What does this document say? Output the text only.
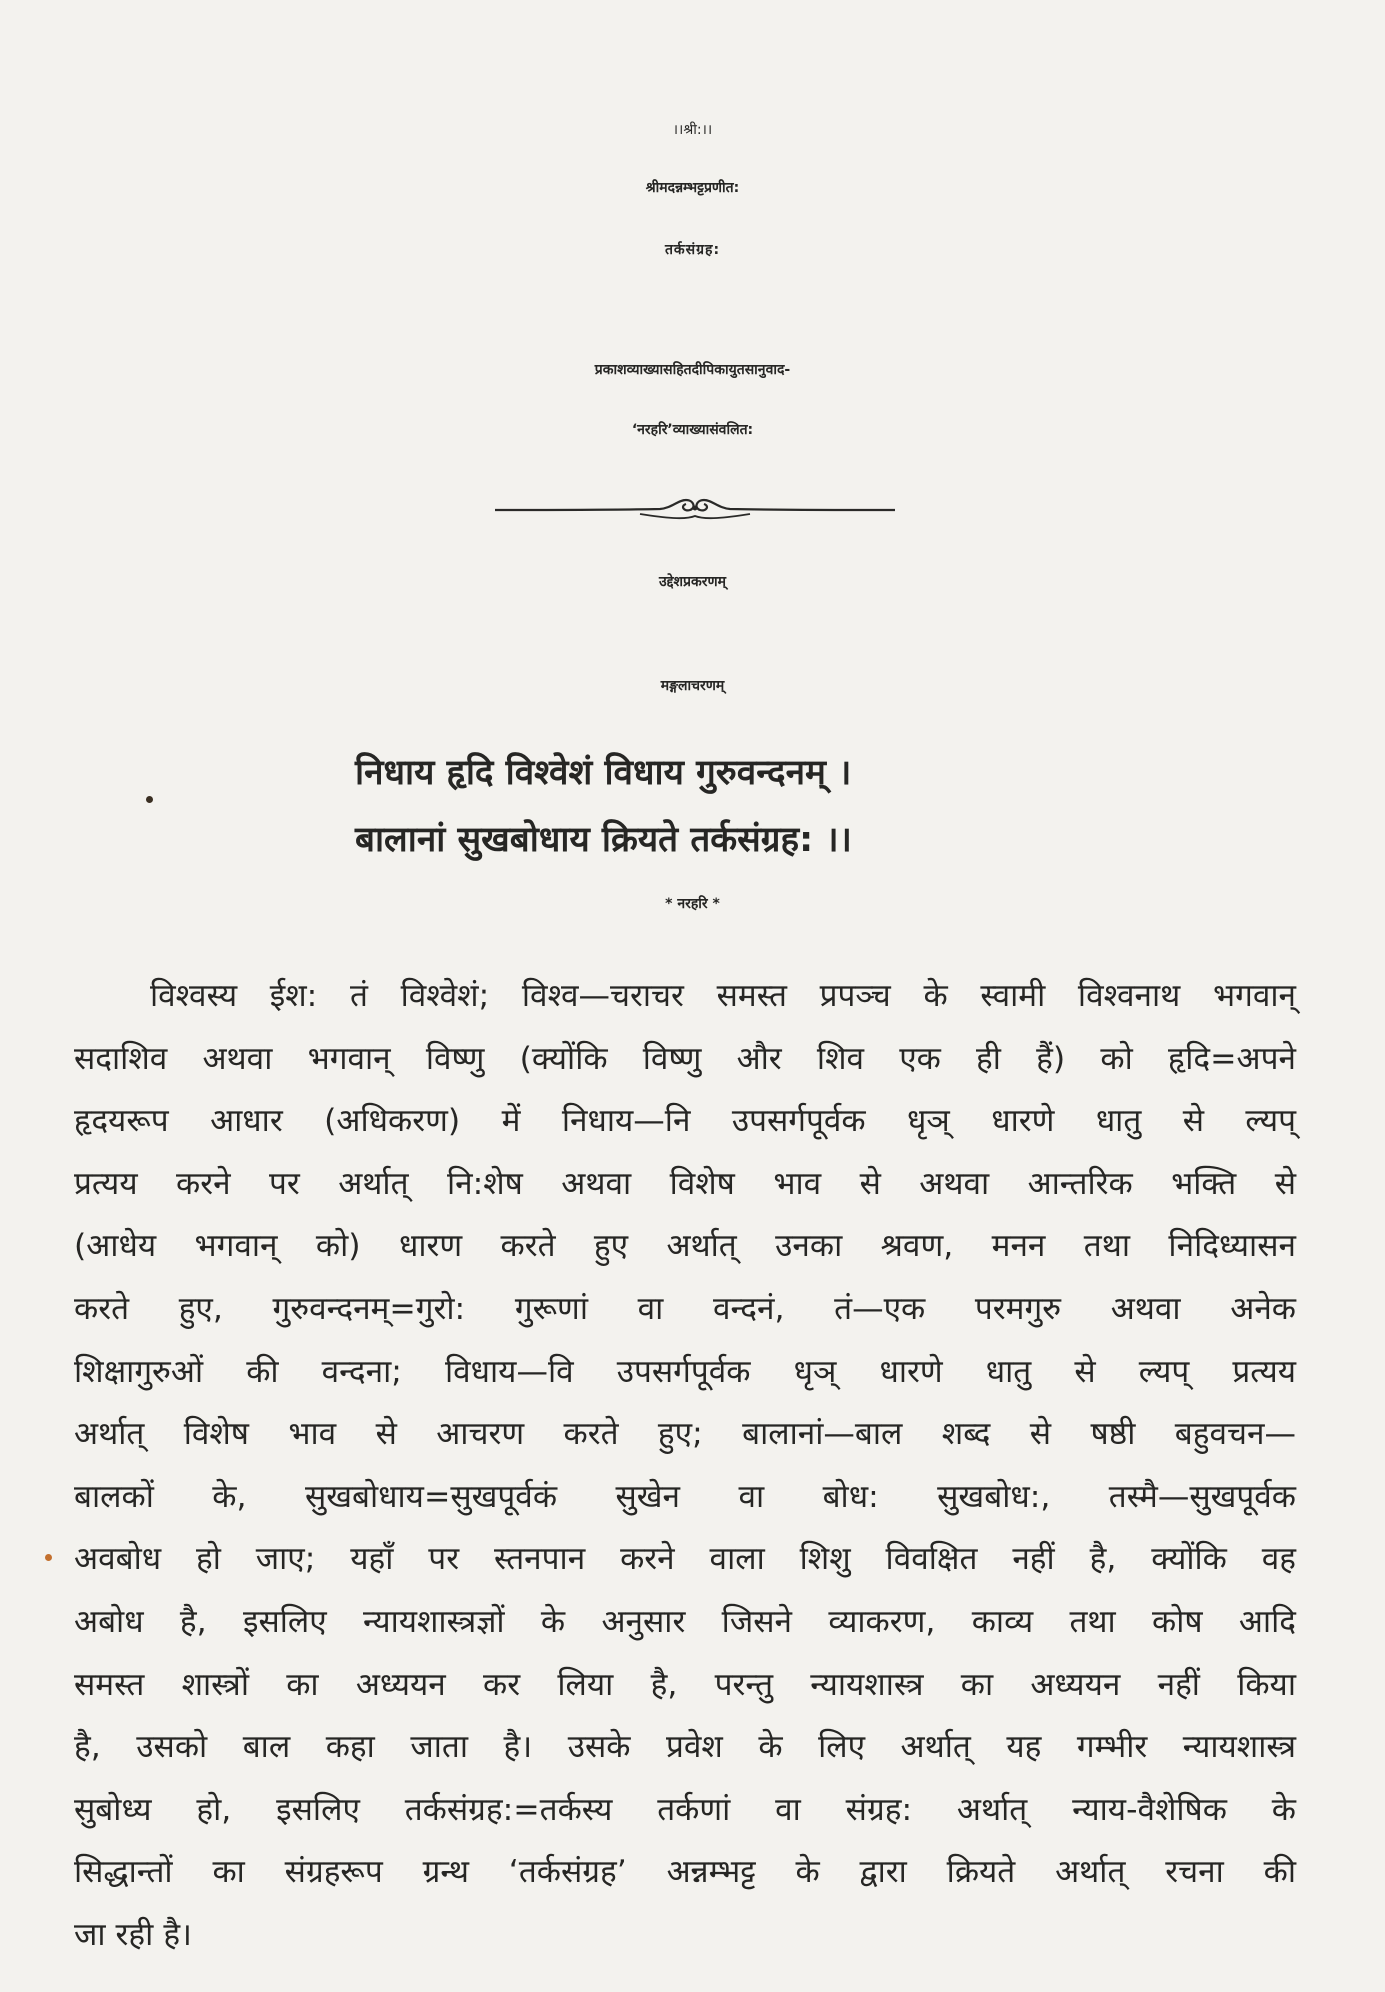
।।श्री:।।
श्रीमदन्नम्भट्टप्रणीत:
तर्कसंग्रह:
प्रकाशव्याख्यासहितदीपिकायुतसानुवाद-
‘नरहरि’व्याख्यासंवलित:
उद्देशप्रकरणम्
मङ्गलाचरणम्
निधाय हृदि विश्वेशं विधाय गुरुवन्दनम् ।
बालानां सुखबोधाय क्रियते तर्कसंग्रह: ।।
* नरहरि *
विश्वस्य ईश: तं विश्वेशं; विश्व—चराचर समस्त प्रपञ्च के स्वामी विश्वनाथ भगवान्
सदाशिव अथवा भगवान् विष्णु (क्योंकि विष्णु और शिव एक ही हैं) को हृदि=अपने
हृदयरूप आधार (अधिकरण) में निधाय—नि उपसर्गपूर्वक धृञ् धारणे धातु से ल्यप्
प्रत्यय करने पर अर्थात् नि:शेष अथवा विशेष भाव से अथवा आन्तरिक भक्ति से
(आधेय भगवान् को) धारण करते हुए अर्थात् उनका श्रवण, मनन तथा निदिध्यासन
करते हुए, गुरुवन्दनम्=गुरो: गुरूणां वा वन्दनं, तं—एक परमगुरु अथवा अनेक
शिक्षागुरुओं की वन्दना; विधाय—वि उपसर्गपूर्वक धृञ् धारणे धातु से ल्यप् प्रत्यय
अर्थात् विशेष भाव से आचरण करते हुए; बालानां—बाल शब्द से षष्ठी बहुवचन—
बालकों के, सुखबोधाय=सुखपूर्वकं सुखेन वा बोध: सुखबोध:, तस्मै—सुखपूर्वक
अवबोध हो जाए; यहाँ पर स्तनपान करने वाला शिशु विवक्षित नहीं है, क्योंकि वह
अबोध है, इसलिए न्यायशास्त्रज्ञों के अनुसार जिसने व्याकरण, काव्य तथा कोष आदि
समस्त शास्त्रों का अध्ययन कर लिया है, परन्तु न्यायशास्त्र का अध्ययन नहीं किया
है, उसको बाल कहा जाता है। उसके प्रवेश के लिए अर्थात् यह गम्भीर न्यायशास्त्र
सुबोध्य हो, इसलिए तर्कसंग्रह:=तर्कस्य तर्कणां वा संग्रह: अर्थात् न्याय-वैशेषिक के
सिद्धान्तों का संग्रहरूप ग्रन्थ ‘तर्कसंग्रह’ अन्नम्भट्ट के द्वारा क्रियते अर्थात् रचना की
जा रही है।
